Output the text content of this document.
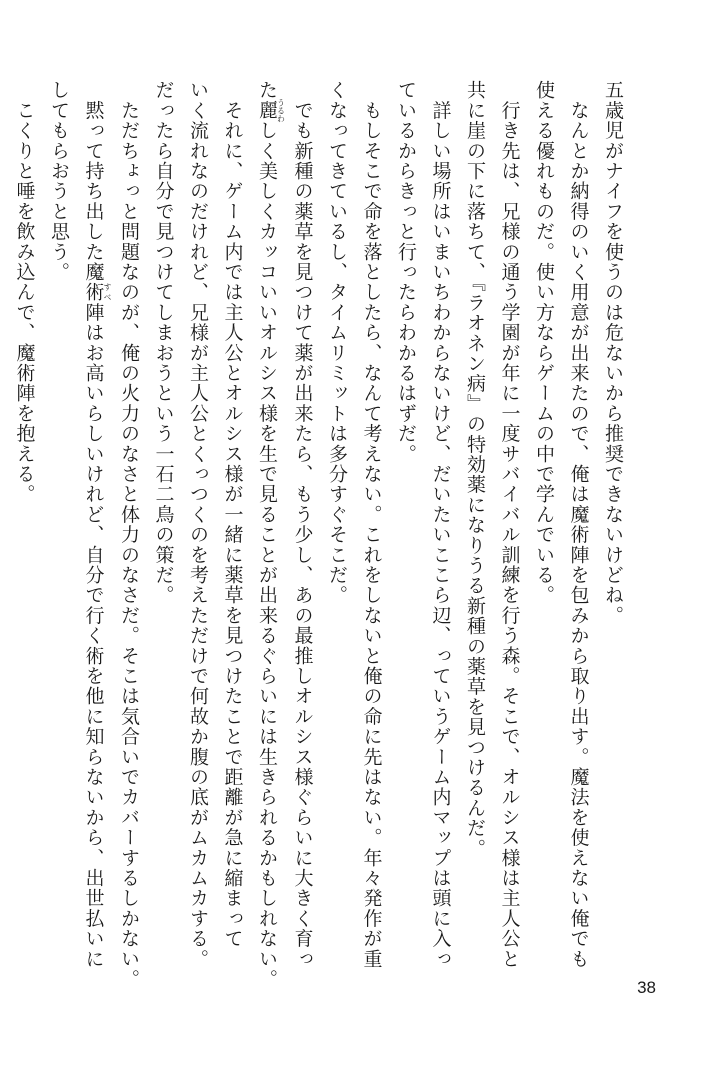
五歳児がナイフを使うのは危ないから推奨できないけどね。

　なんとか納得のいく用意が出来たので、俺は魔術陣を包みから取り出す。魔法を使えない俺でも

使える優れものだ。使い方ならゲームの中で学んでいる。

　行き先は、兄様の通う学園が年に一度サバイバル訓練を行う森。そこで、オルシス様は主人公と

共に崖の下に落ちて、『ラオネン病』の特効薬になりうる新種の薬草を見つけるんだ。

　詳しい場所はいまいちわからないけど、だいたいここら辺、っていうゲーム内マップは頭に入っ

ているからきっと行ったらわかるはずだ。

　もしそこで命を落としたら、なんて考えない。これをしないと俺の命に先はない。年々発作が重

くなってきているし、タイムリミットは多分すぐそこだ。

　でも新種の薬草を見つけて薬が出来たら、もう少し、あの最推しオルシス様ぐらいに大きく育っ

た麗うるわしく美しくカッコいいオルシス様を生で見ることが出来るぐらいには生きられるかもしれない。

　それに、ゲーム内では主人公とオルシス様が一緒に薬草を見つけたことで距離が急に縮まって

いく流れなのだけれど、兄様が主人公とくっつくのを考えただけで何故か腹の底がムカムカする。

だったら自分で見つけてしまおうという一石二鳥の策だ。

　ただちょっと問題なのが、俺の火力のなさと体力のなさだ。そこは気合いでカバーするしかない。

　黙って持ち出した魔術すべ陣はお高いらしいけれど、自分で行く術を他に知らないから、出世払いに

してもらおうと思う。

　こくりと唾を飲み込んで、魔術陣を抱える。

38
